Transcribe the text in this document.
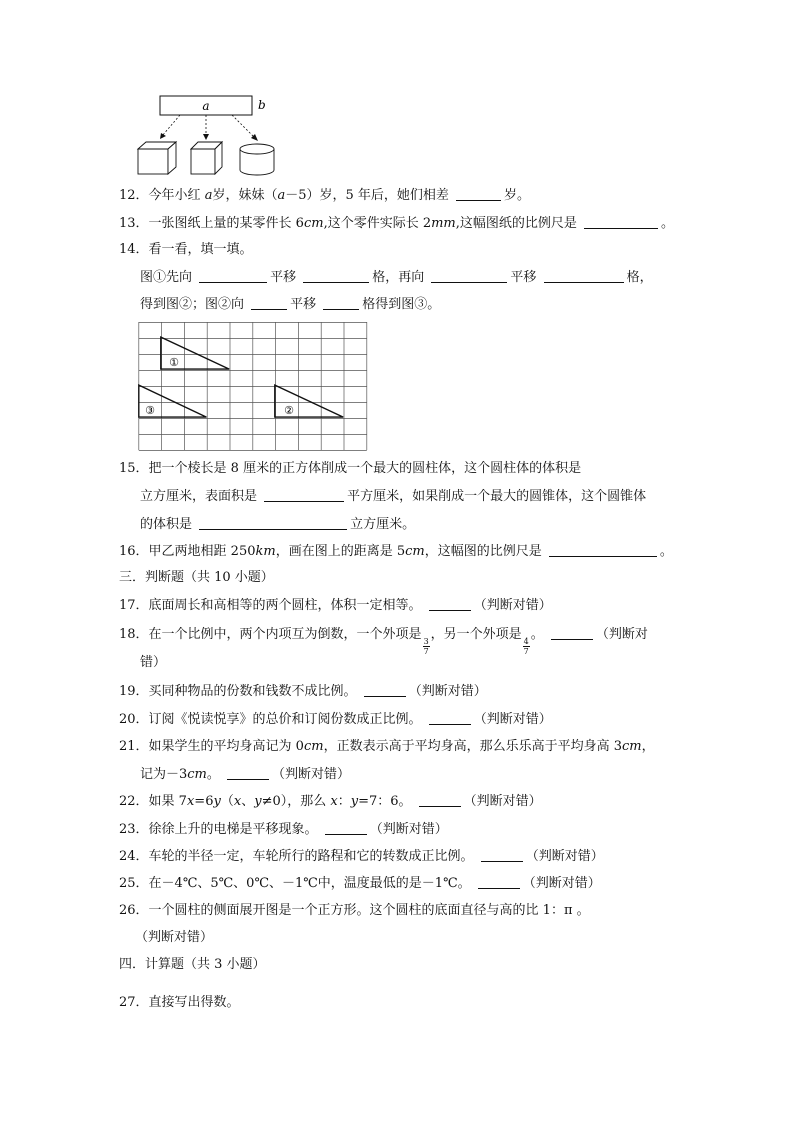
a	b
12．今年小红 a岁，妹妹（a－5）岁，5 年后，她们相差	岁。
13．一张图纸上量的某零件长 6cm,这个零件实际长 2mm,这幅图纸的比例尺是	。
14．看一看，填一填。
图①先向	平移	格，再向	平移	格，
得到图②；图②向	平移	格得到图③。
①
②
③
15．把一个棱长是 8 厘米的正方体削成一个最大的圆柱体，这个圆柱体的体积是
立方厘米，表面积是	平方厘米，如果削成一个最大的圆锥体，这个圆锥体
的体积是	立方厘米。
16．甲乙两地相距 250km，画在图上的距离是 5cm，这幅图的比例尺是	。
三．判断题（共 10 小题）
17．底面周长和高相等的两个圆柱，体积一定相等。	（判断对错）
18．在一个比例中，两个内项互为倒数，一个外项是
$\frac{3}{7}$
，另一个外项是
$\frac{4}{7}$
。	（判断对
错）
19．买同种物品的份数和钱数不成比例。	（判断对错）
20．订阅《悦读悦享》的总价和订阅份数成正比例。	（判断对错）
21．如果学生的平均身高记为 0cm，正数表示高于平均身高，那么乐乐高于平均身高 3cm，
记为－3cm。	（判断对错）
22．如果 7x=6y（x、y≠0），那么 x：y=7：6。	（判断对错）
23．徐徐上升的电梯是平移现象。	（判断对错）
24．车轮的半径一定，车轮所行的路程和它的转数成正比例。	（判断对错）
25．在－4℃、5℃、0℃、－1℃中，温度最低的是－1℃。	（判断对错）
26．一个圆柱的侧面展开图是一个正方形。这个圆柱的底面直径与高的比 1：π 。
（判断对错）
四．计算题（共 3 小题）
27．直接写出得数。
